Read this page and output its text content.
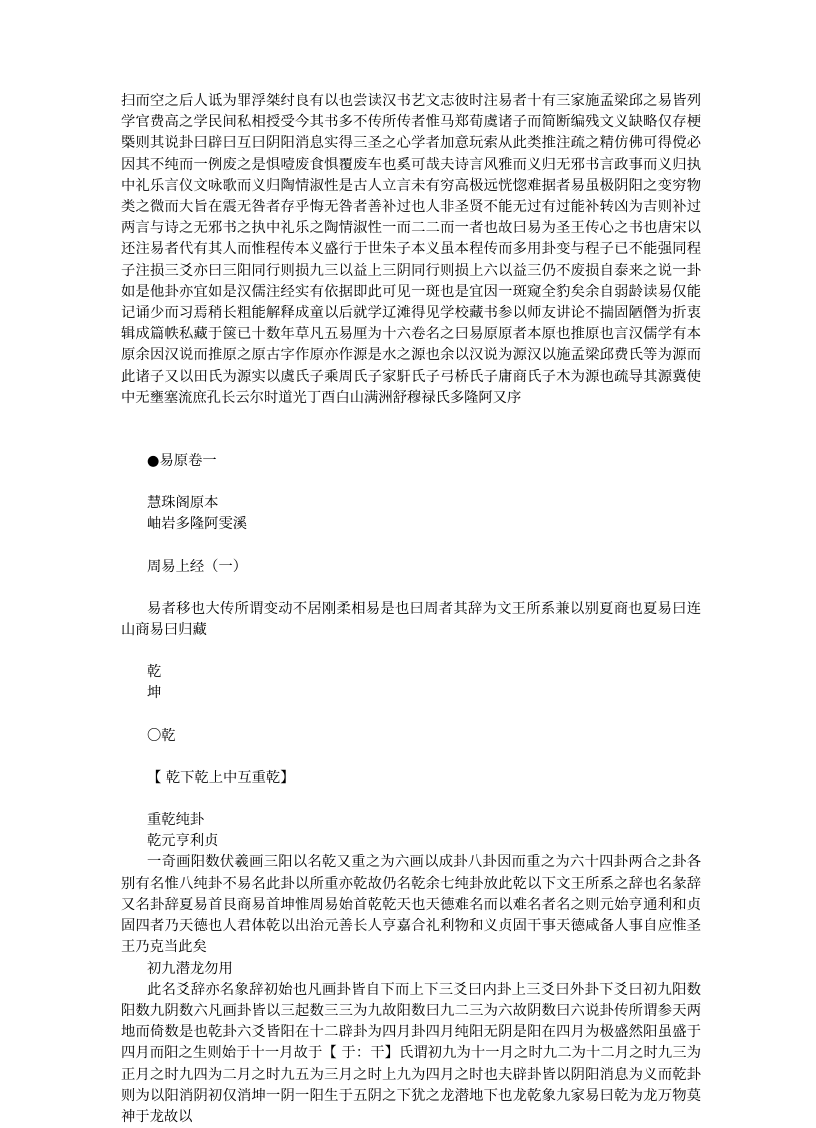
扫而空之后人诋为罪浮桀纣良有以也尝读汉书艺文志彼时注易者十有三家施孟梁邱之易皆列学官费高之学民间私相授受今其书多不传所传者惟马郑荀虞诸子而简断编残文义缺略仅存梗㮣则其说卦曰辟曰互曰阴阳消息实得三圣之心学者加意玩索从此类推注疏之精仿佛可得傥必因其不纯而一例废之是惧噎废食惧覆废车也奚可哉夫诗言风雅而义归无邪书言政事而义归执中礼乐言仪文咏歌而义归陶情淑性是古人立言未有穷高极远恍惚难据者易虽极阴阳之变穷物类之微而大旨在震无咎者存乎悔无咎者善补过也人非圣贤不能无过有过能补转凶为吉则补过两言与诗之无邪书之执中礼乐之陶情淑性一而二二而一者也故曰易为圣王传心之书也唐宋以还注易者代有其人而惟程传本义盛行于世朱子本义虽本程传而多用卦变与程子已不能强同程子注损三爻亦曰三阳同行则损九三以益上三阴同行则损上六以益三仍不废损自泰来之说一卦如是他卦亦宜如是汉儒注经实有依据即此可见一斑也是宜因一斑窥全豹矣余自弱龄读易仅能记诵少而习焉稍长粗能解释成童以后就学辽滩得见学校藏书参以师友讲论不揣固陋僭为折衷辑成篇帙私藏于箧已十数年草凡五易厘为十六卷名之曰易原原者本原也推原也言汉儒学有本原余因汉说而推原之原古字作原亦作源是水之源也余以汉说为源汉以施孟梁邱费氏等为源而此诸子又以田氏为源实以虞氏子乘周氏子家馯氏子弓桥氏子庸商氏子木为源也疏导其源冀使中无壅塞流庶孔长云尔时道光丁酉白山满洲舒穆禄氏多隆阿又序

●易原卷一

慧珠阁原本

岫岩多隆阿雯溪

周易上经（一）

易者移也大传所谓变动不居刚柔相易是也曰周者其辞为文王所系兼以别夏商也夏易曰连山商易曰归藏

乾

坤

〇乾

【 乾下乾上中互重乾】

重乾纯卦

乾元亨利贞

一奇画阳数伏羲画三阳以名乾又重之为六画以成卦八卦因而重之为六十四卦两合之卦各别有名惟八纯卦不易名此卦以所重亦乾故仍名乾余七纯卦放此乾以下文王所系之辞也名彖辞又名卦辞夏易首艮商易首坤惟周易始首乾乾天也天德难名而以难名者名之则元始亨通利和贞固四者乃天德也人君体乾以出治元善长人亨嘉合礼利物和义贞固干事天德咸备人事自应惟圣王乃克当此矣

初九潜龙勿用

此名爻辞亦名象辞初始也凡画卦皆自下而上下三爻曰内卦上三爻曰外卦下爻曰初九阳数阳数九阴数六凡画卦皆以三起数三三为九故阳数曰九二三为六故阴数曰六说卦传所谓参天两地而倚数是也乾卦六爻皆阳在十二辟卦为四月卦四月纯阳无阴是阳在四月为极盛然阳虽盛于四月而阳之生则始于十一月故于【 于：干】氏谓初九为十一月之时九二为十二月之时九三为正月之时九四为二月之时九五为三月之时上九为四月之时也夫辟卦皆以阴阳消息为义而乾卦则为以阳消阴初仅消坤一阴一阳生于五阴之下犹之龙潜地下也龙乾象九家易曰乾为龙万物莫神于龙故以
